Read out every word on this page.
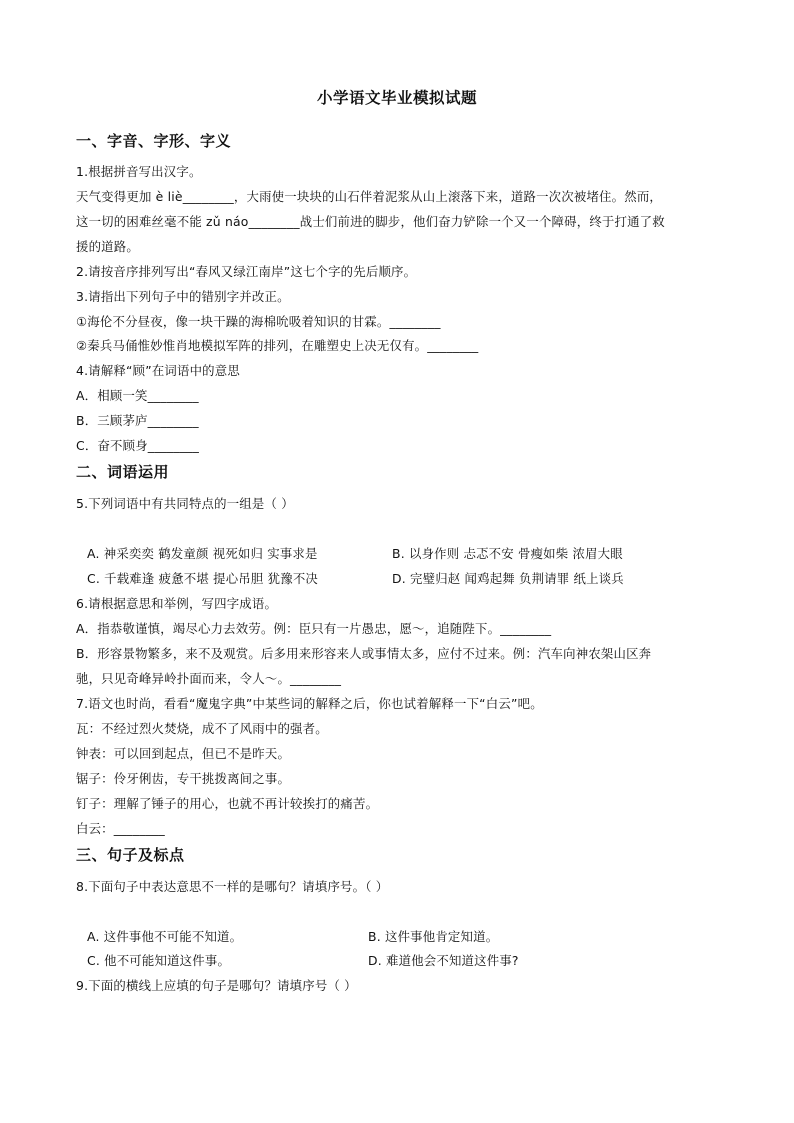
小学语文毕业模拟试题
一、字音、字形、字义
1.根据拼音写出汉字。
天气变得更加 è liè________，大雨使一块块的山石伴着泥浆从山上滚落下来，道路一次次被堵住。然而，
这一切的困难丝毫不能 zǔ náo________战士们前进的脚步，他们奋力铲除一个又一个障碍，终于打通了救
援的道路。
2.请按音序排列写出“春风又绿江南岸”这七个字的先后顺序。
3.请指出下列句子中的错别字并改正。
①海伦不分昼夜，像一块干躁的海棉吮吸着知识的甘霖。________
②秦兵马俑惟妙惟肖地模拟军阵的排列，在雕塑史上决无仅有。________
4.请解释“顾”在词语中的意思
A．相顾一笑________
B．三顾茅庐________
C．奋不顾身________
二、词语运用
5.下列词语中有共同特点的一组是（ ）
A. 神采奕奕 鹤发童颜 视死如归 实事求是	B. 以身作则 忐忑不安 骨瘦如柴 浓眉大眼
C. 千载难逢 疲惫不堪 提心吊胆 犹豫不决	D. 完璧归赵 闻鸡起舞 负荆请罪 纸上谈兵
6.请根据意思和举例，写四字成语。
A．指恭敬谨慎，竭尽心力去效劳。例：臣只有一片愚忠，愿～，追随陛下。________
B．形容景物繁多，来不及观赏。后多用来形容来人或事情太多，应付不过来。例：汽车向神农架山区奔
驰，只见奇峰异岭扑面而来，令人～。________
7.语文也时尚，看看“魔鬼字典”中某些词的解释之后，你也试着解释一下“白云”吧。
瓦：不经过烈火焚烧，成不了风雨中的强者。
钟表：可以回到起点，但已不是昨天。
锯子：伶牙俐齿，专干挑拨离间之事。
钉子：理解了锤子的用心，也就不再计较挨打的痛苦。
白云：________
三、句子及标点
8.下面句子中表达意思不一样的是哪句？请填序号。（ ）
A. 这件事他不可能不知道。	B. 这件事他肯定知道。
C. 他不可能知道这件事。	D. 难道他会不知道这件事?
9.下面的横线上应填的句子是哪句？请填序号（ ）
